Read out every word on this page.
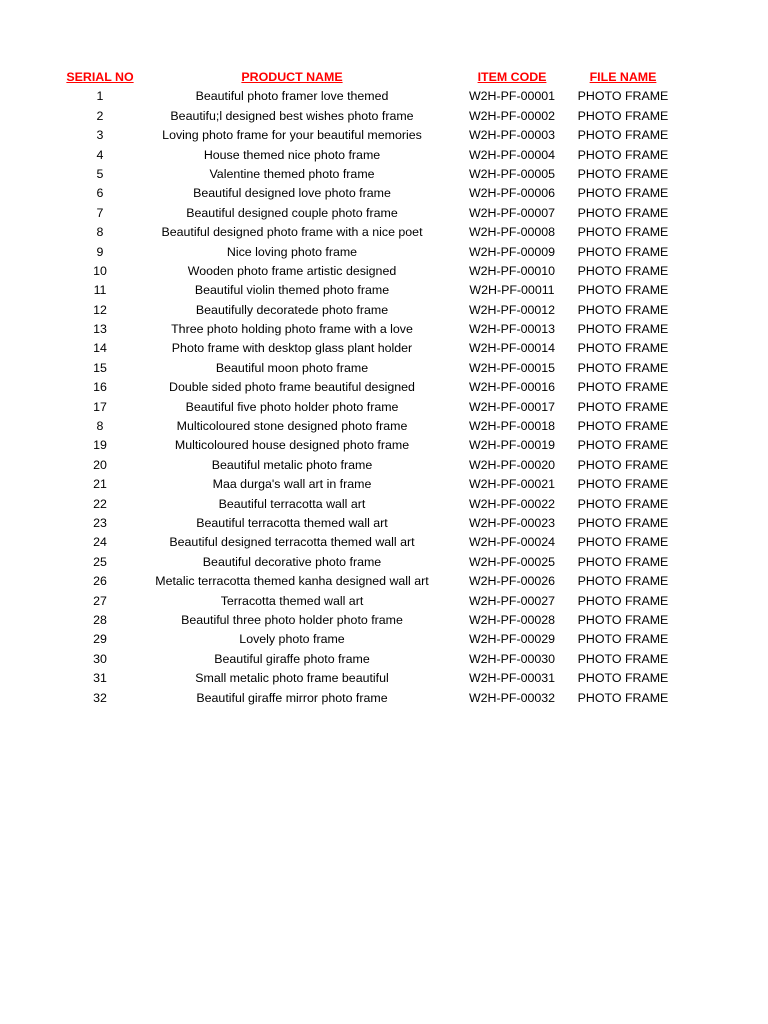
SERIAL NO	PRODUCT NAME	ITEM CODE	FILE NAME
1	Beautiful photo framer love themed	W2H-PF-00001	PHOTO FRAME
2	Beautifu;l designed best wishes photo frame	W2H-PF-00002	PHOTO FRAME
3	Loving photo frame for your beautiful memories	W2H-PF-00003	PHOTO FRAME
4	House themed nice photo frame	W2H-PF-00004	PHOTO FRAME
5	Valentine themed photo frame	W2H-PF-00005	PHOTO FRAME
6	Beautiful designed love photo frame	W2H-PF-00006	PHOTO FRAME
7	Beautiful designed couple photo frame	W2H-PF-00007	PHOTO FRAME
8	Beautiful designed photo frame with a nice poet	W2H-PF-00008	PHOTO FRAME
9	Nice loving photo frame	W2H-PF-00009	PHOTO FRAME
10	Wooden photo frame artistic designed	W2H-PF-00010	PHOTO FRAME
11	Beautiful violin themed photo frame	W2H-PF-00011	PHOTO FRAME
12	Beautifully decoratede photo frame	W2H-PF-00012	PHOTO FRAME
13	Three photo holding photo frame with a love	W2H-PF-00013	PHOTO FRAME
14	Photo frame with desktop glass plant holder	W2H-PF-00014	PHOTO FRAME
15	Beautiful moon photo frame	W2H-PF-00015	PHOTO FRAME
16	Double sided photo frame beautiful designed	W2H-PF-00016	PHOTO FRAME
17	Beautiful five photo holder photo frame	W2H-PF-00017	PHOTO FRAME
8	Multicoloured stone designed photo frame	W2H-PF-00018	PHOTO FRAME
19	Multicoloured house designed photo frame	W2H-PF-00019	PHOTO FRAME
20	Beautiful metalic photo frame	W2H-PF-00020	PHOTO FRAME
21	Maa durga's wall art in frame	W2H-PF-00021	PHOTO FRAME
22	Beautiful terracotta wall art	W2H-PF-00022	PHOTO FRAME
23	Beautiful terracotta themed wall art	W2H-PF-00023	PHOTO FRAME
24	Beautiful designed terracotta themed wall art	W2H-PF-00024	PHOTO FRAME
25	Beautiful decorative photo frame	W2H-PF-00025	PHOTO FRAME
26	Metalic terracotta themed kanha designed wall art	W2H-PF-00026	PHOTO FRAME
27	Terracotta themed wall art	W2H-PF-00027	PHOTO FRAME
28	Beautiful three photo holder photo frame	W2H-PF-00028	PHOTO FRAME
29	Lovely photo frame	W2H-PF-00029	PHOTO FRAME
30	Beautiful giraffe photo frame	W2H-PF-00030	PHOTO FRAME
31	Small metalic photo frame beautiful	W2H-PF-00031	PHOTO FRAME
32	Beautiful giraffe mirror photo frame	W2H-PF-00032	PHOTO FRAME
